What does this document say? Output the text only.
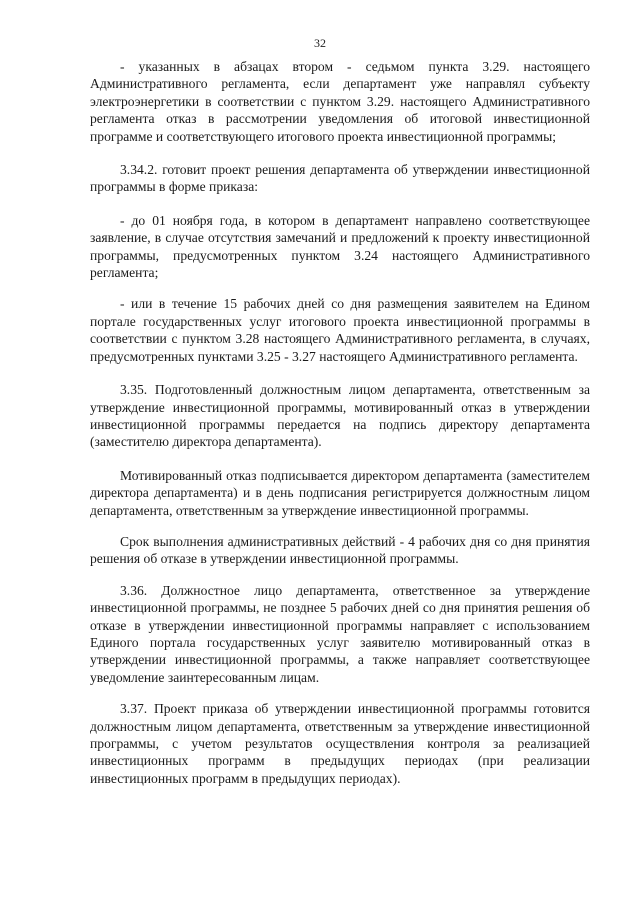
32

- указанных в абзацах втором - седьмом пункта 3.29. настоящего Административного регламента, если департамент уже направлял субъекту электроэнергетики в соответствии с пунктом 3.29. настоящего Административного регламента отказ в рассмотрении уведомления об итоговой инвестиционной программе и соответствующего итогового проекта инвестиционной программы;

3.34.2. готовит проект решения департамента об утверждении инвестиционной программы в форме приказа:

- до 01 ноября года, в котором в департамент направлено соответствующее заявление, в случае отсутствия замечаний и предложений к проекту инвестиционной программы, предусмотренных пунктом 3.24 настоящего Административного регламента;

- или в течение 15 рабочих дней со дня размещения заявителем на Едином портале государственных услуг итогового проекта инвестиционной программы в соответствии с пунктом 3.28 настоящего Административного регламента, в случаях, предусмотренных пунктами 3.25 - 3.27 настоящего Административного регламента.

3.35. Подготовленный должностным лицом департамента, ответственным за утверждение инвестиционной программы, мотивированный отказ в утверждении инвестиционной программы передается на подпись директору департамента (заместителю директора департамента).

Мотивированный отказ подписывается директором департамента (заместителем директора департамента) и в день подписания регистрируется должностным лицом департамента, ответственным за утверждение инвестиционной программы.

Срок выполнения административных действий - 4 рабочих дня со дня принятия решения об отказе в утверждении инвестиционной программы.

3.36. Должностное лицо департамента, ответственное за утверждение инвестиционной программы, не позднее 5 рабочих дней со дня принятия решения об отказе в утверждении инвестиционной программы направляет с использованием Единого портала государственных услуг заявителю мотивированный отказ в утверждении инвестиционной программы, а также направляет соответствующее уведомление заинтересованным лицам.

3.37. Проект приказа об утверждении инвестиционной программы готовится должностным лицом департамента, ответственным за утверждение инвестиционной программы, с учетом результатов осуществления контроля за реализацией инвестиционных программ в предыдущих периодах (при реализации инвестиционных программ в предыдущих периодах).
